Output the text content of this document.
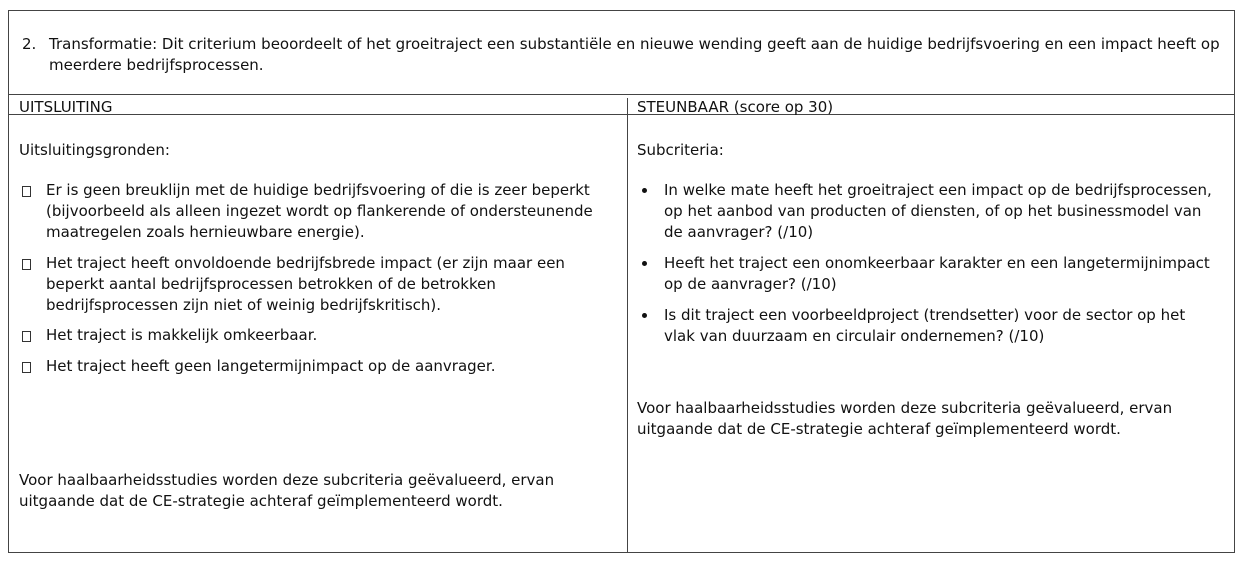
2. Transformatie: Dit criterium beoordeelt of het groeitraject een substantiële en nieuwe wending geeft aan de huidige bedrijfsvoering en een impact heeft op meerdere bedrijfsprocessen.
UITSLUITING	STEUNBAAR (score op 30)
Uitsluitingsgronden:
Er is geen breuklijn met de huidige bedrijfsvoering of die is zeer beperkt (bijvoorbeeld als alleen ingezet wordt op flankerende of ondersteunende maatregelen zoals hernieuwbare energie).
Het traject heeft onvoldoende bedrijfsbrede impact (er zijn maar een beperkt aantal bedrijfsprocessen betrokken of de betrokken bedrijfsprocessen zijn niet of weinig bedrijfskritisch).
Het traject is makkelijk omkeerbaar.
Het traject heeft geen langetermijnimpact op de aanvrager.
Voor haalbaarheidsstudies worden deze subcriteria geëvalueerd, ervan uitgaande dat de CE-strategie achteraf geïmplementeerd wordt.
Subcriteria:
In welke mate heeft het groeitraject een impact op de bedrijfsprocessen, op het aanbod van producten of diensten, of op het businessmodel van de aanvrager? (/10)
Heeft het traject een onomkeerbaar karakter en een langetermijnimpact op de aanvrager? (/10)
Is dit traject een voorbeeldproject (trendsetter) voor de sector op het vlak van duurzaam en circulair ondernemen? (/10)
Voor haalbaarheidsstudies worden deze subcriteria geëvalueerd, ervan uitgaande dat de CE-strategie achteraf geïmplementeerd wordt.
